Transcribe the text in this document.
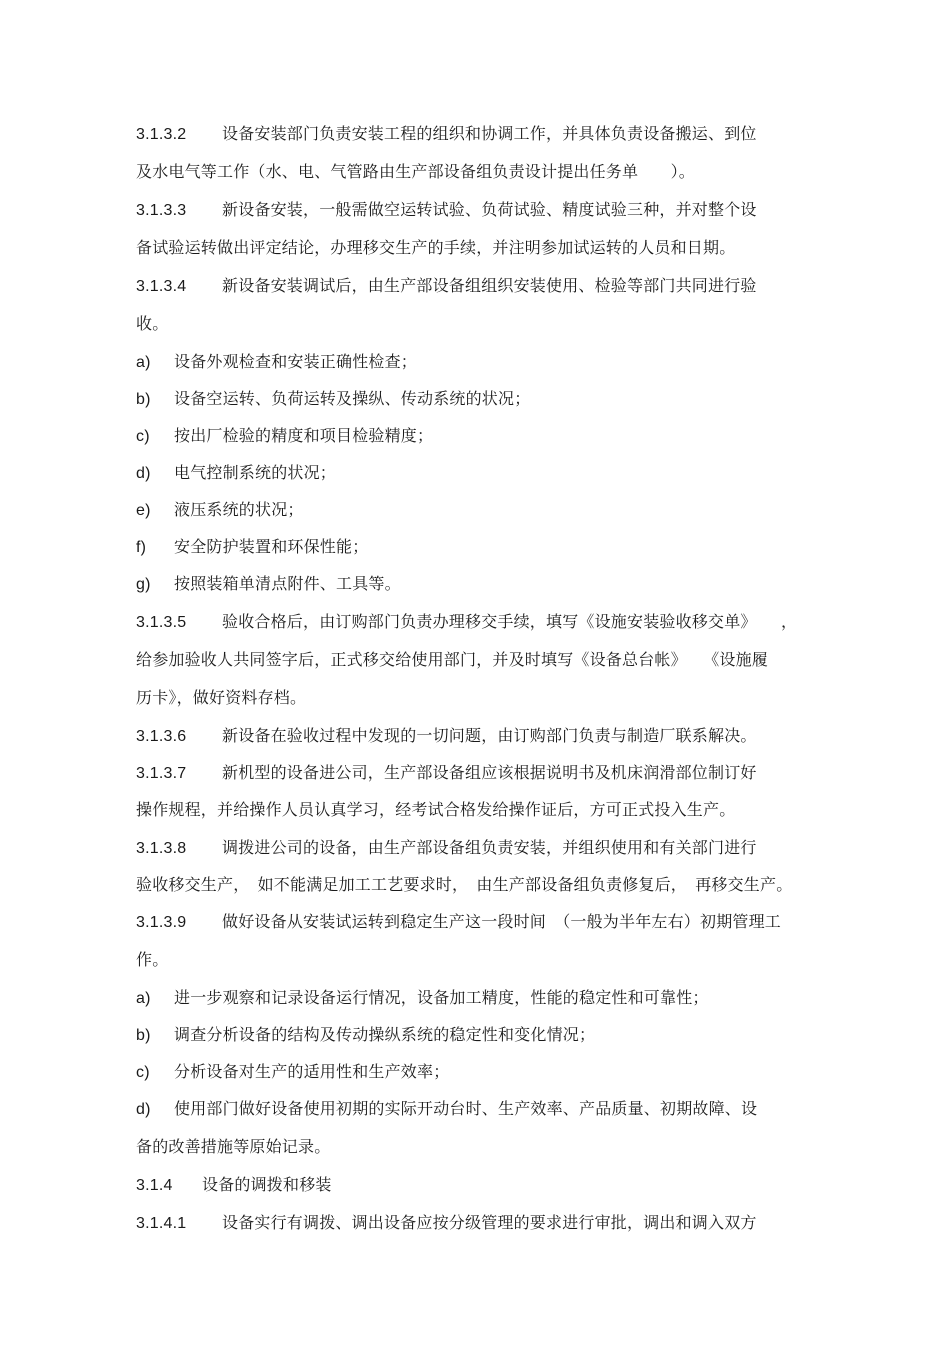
3.1.3.2 设备安装部门负责安装工程的组织和协调工作，并具体负责设备搬运、到位
及水电气等工作（水、电、气管路由生产部设备组负责设计提出任务单　　）。
3.1.3.3 新设备安装，一般需做空运转试验、负荷试验、精度试验三种，并对整个设
备试验运转做出评定结论，办理移交生产的手续，并注明参加试运转的人员和日期。
3.1.3.4 新设备安装调试后，由生产部设备组组织安装使用、检验等部门共同进行验
收。
a) 设备外观检查和安装正确性检查；
b) 设备空运转、负荷运转及操纵、传动系统的状况；
c) 按出厂检验的精度和项目检验精度；
d) 电气控制系统的状况；
e) 液压系统的状况；
f) 安全防护装置和环保性能；
g) 按照装箱单清点附件、工具等。
3.1.3.5 验收合格后，由订购部门负责办理移交手续，填写《设施安装验收移交单》　　，
给参加验收人共同签字后，正式移交给使用部门，并及时填写《设备总台帐》　　《设施履
历卡》，做好资料存档。
3.1.3.6 新设备在验收过程中发现的一切问题，由订购部门负责与制造厂联系解决。
3.1.3.7 新机型的设备进公司，生产部设备组应该根据说明书及机床润滑部位制订好
操作规程，并给操作人员认真学习，经考试合格发给操作证后，方可正式投入生产。
3.1.3.8 调拨进公司的设备，由生产部设备组负责安装，并组织使用和有关部门进行
验收移交生产，　如不能满足加工工艺要求时，　由生产部设备组负责修复后，　再移交生产。
3.1.3.9 做好设备从安装试运转到稳定生产这一段时间　（一般为半年左右）初期管理工
作。
a) 进一步观察和记录设备运行情况，设备加工精度，性能的稳定性和可靠性；
b) 调查分析设备的结构及传动操纵系统的稳定性和变化情况；
c) 分析设备对生产的适用性和生产效率；
d) 使用部门做好设备使用初期的实际开动台时、生产效率、产品质量、初期故障、设
备的改善措施等原始记录。
3.1.4 设备的调拨和移装
3.1.4.1 设备实行有调拨、调出设备应按分级管理的要求进行审批，调出和调入双方
